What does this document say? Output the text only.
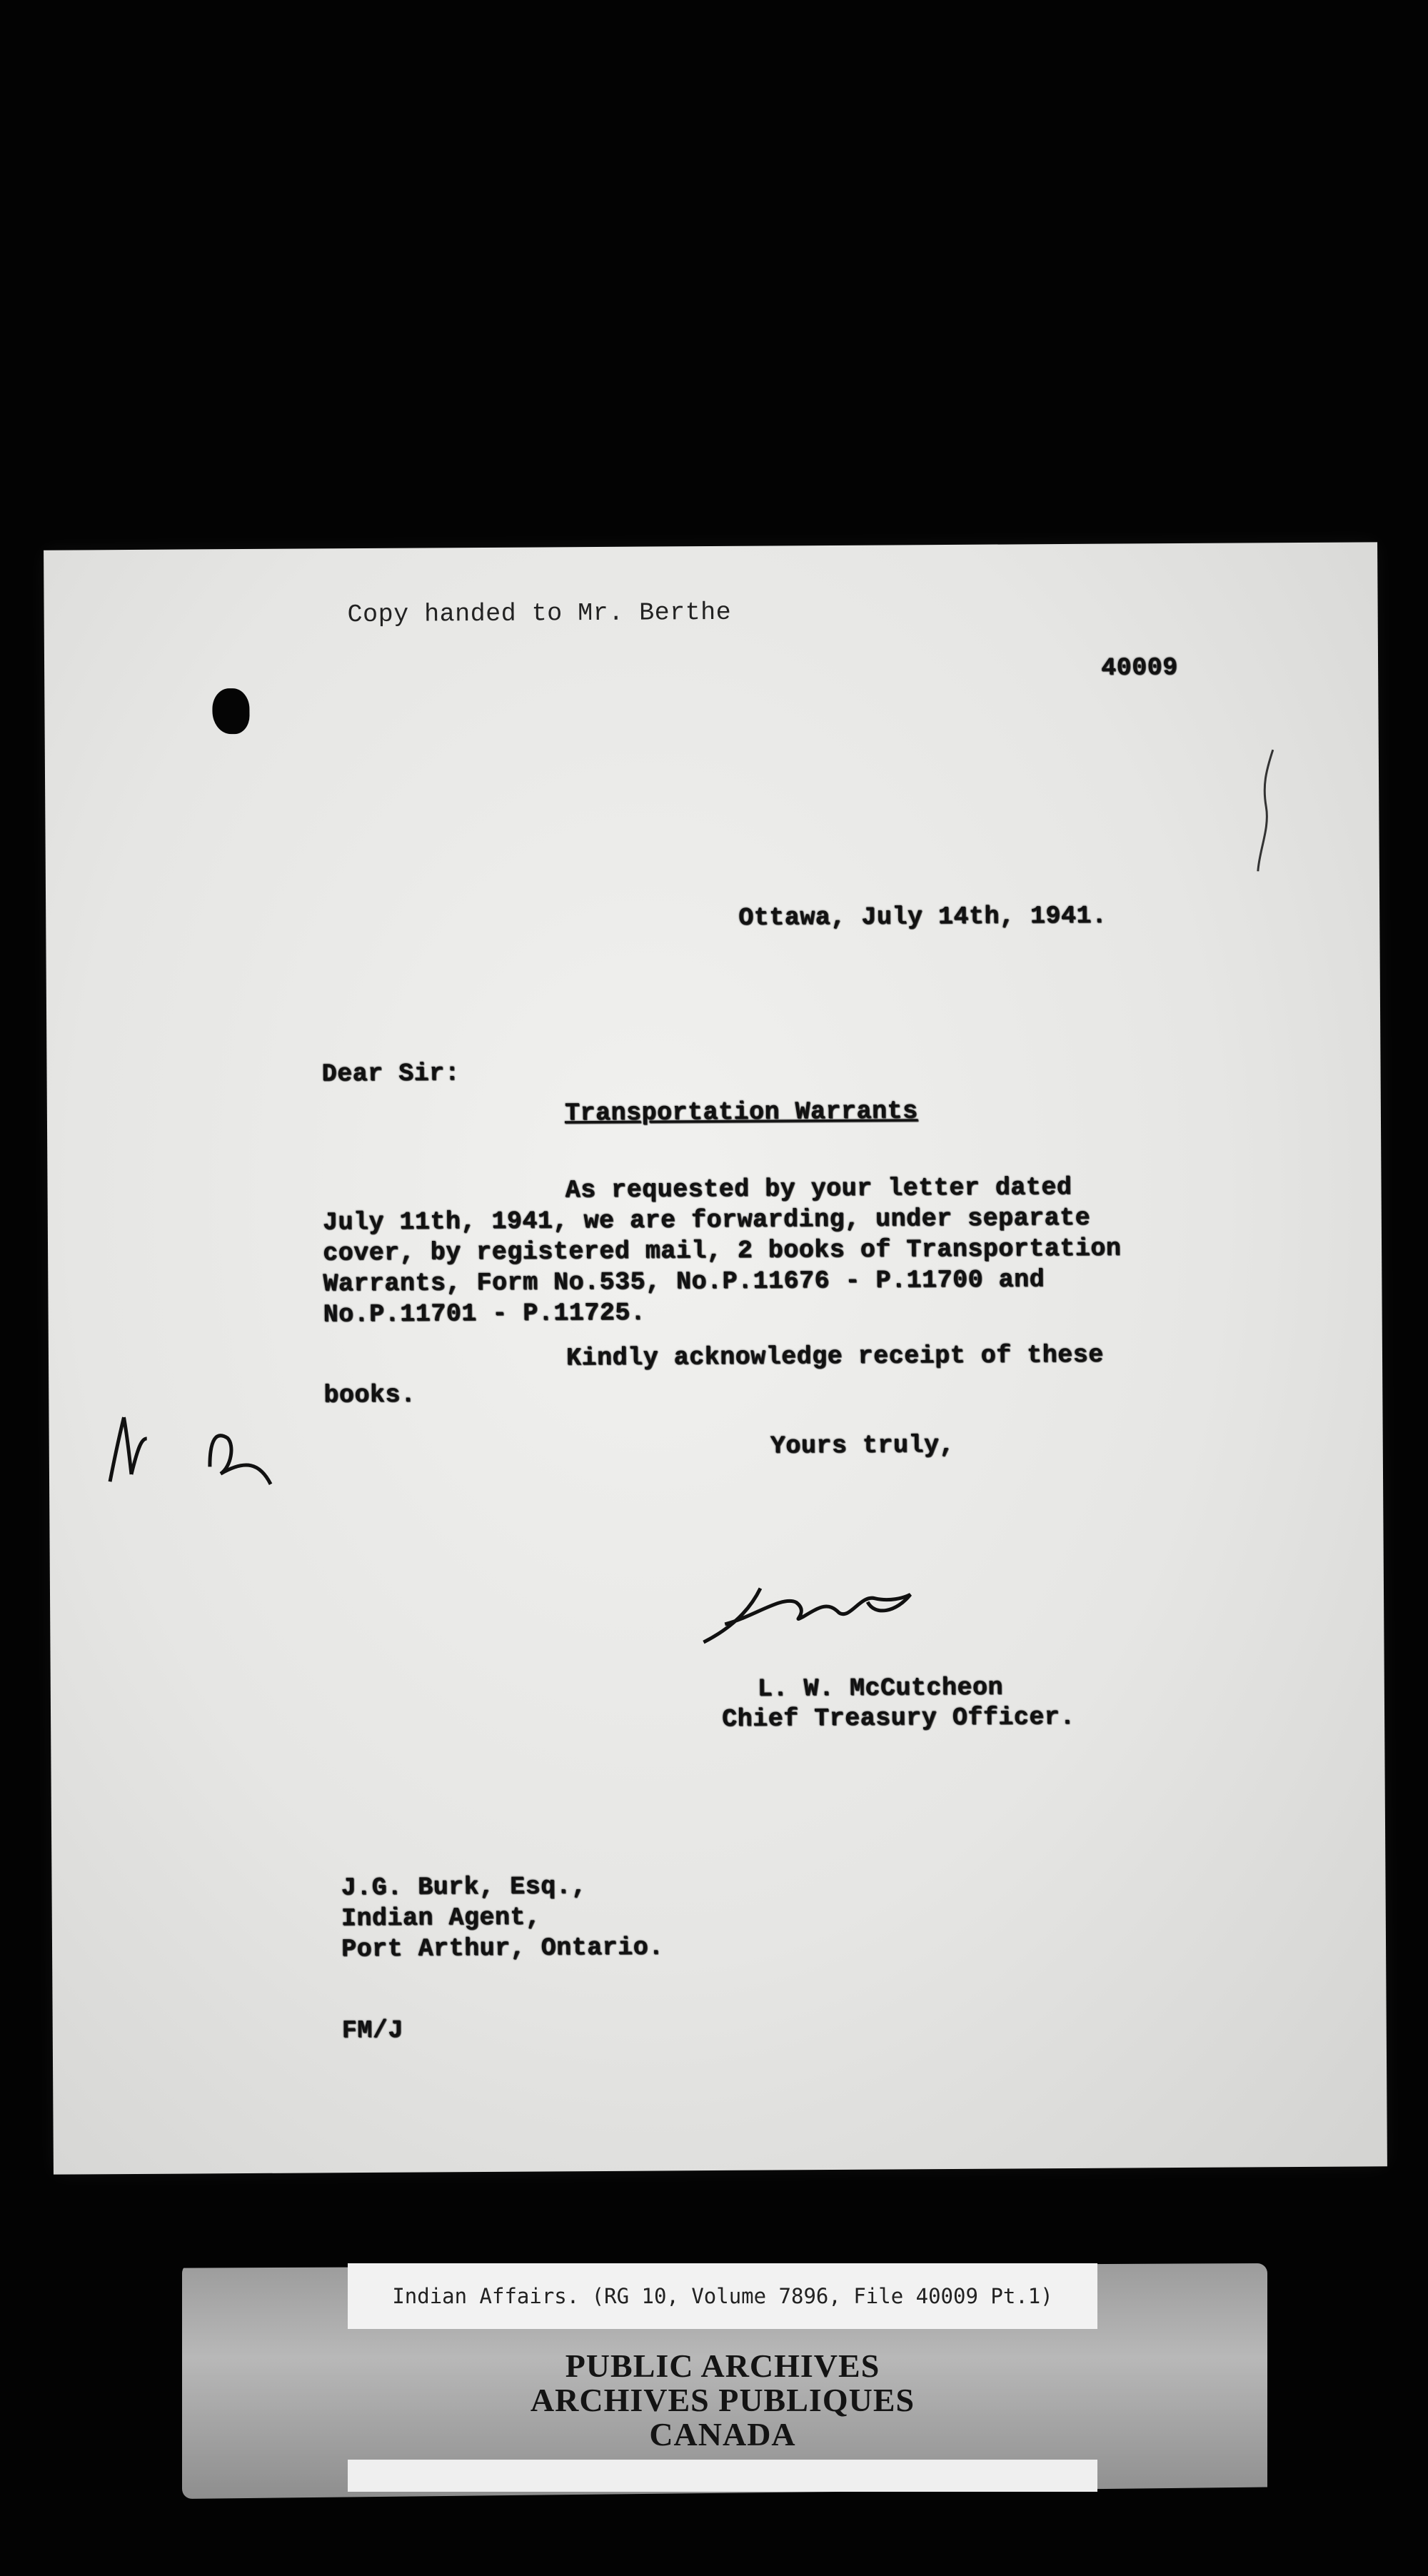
Copy handed to Mr. Berthe
40009
Ottawa, July 14th, 1941.
Dear Sir:
Transportation Warrants
As requested by your letter dated
July 11th, 1941, we are forwarding, under separate
cover, by registered mail, 2 books of Transportation
Warrants, Form No.535, No.P.11676 - P.11700 and
No.P.11701 - P.11725.
Kindly acknowledge receipt of these
books.
Yours truly,
L. W. McCutcheon
Chief Treasury Officer.
J.G. Burk, Esq.,
Indian Agent,
Port Arthur, Ontario.
FM/J
Indian Affairs. (RG 10, Volume 7896, File 40009 Pt.1)
PUBLIC ARCHIVES
ARCHIVES PUBLIQUES
CANADA
